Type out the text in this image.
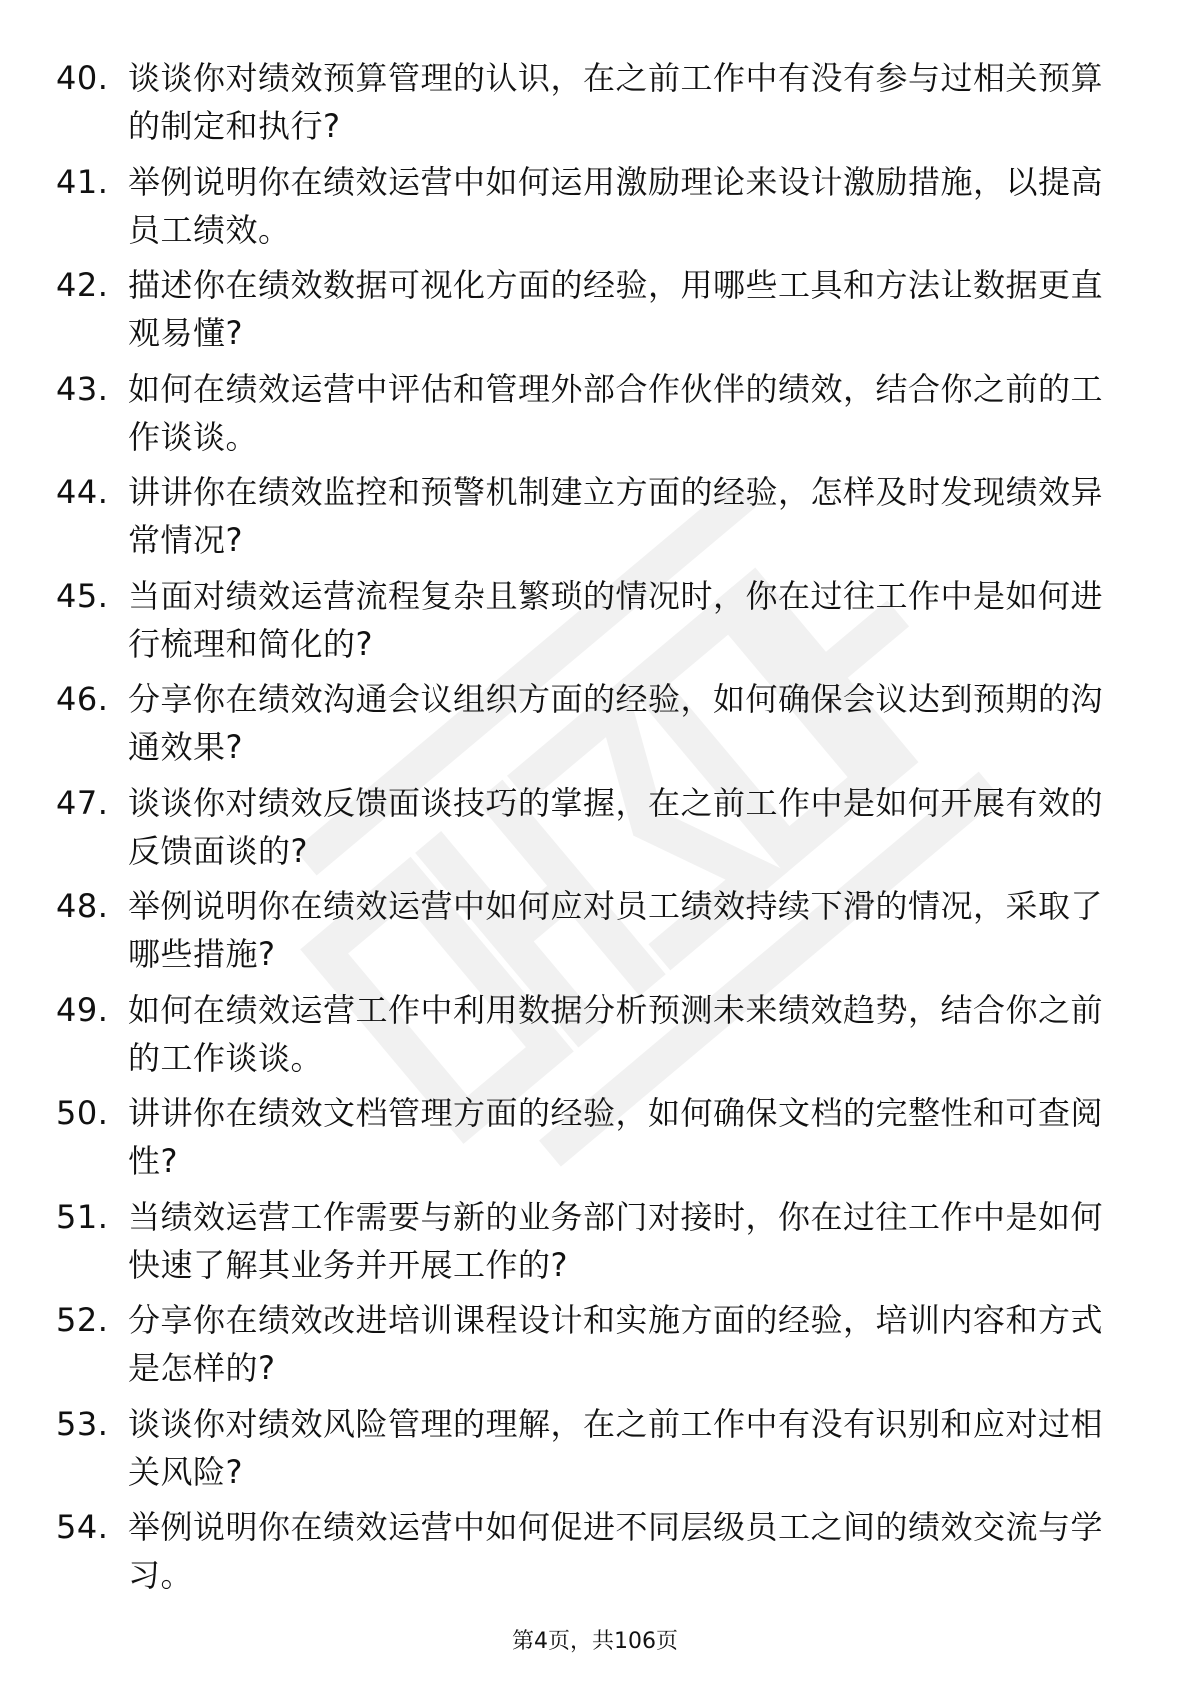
40. 谈谈你对绩效预算管理的认识，在之前工作中有没有参与过相关预算的制定和执行?
41. 举例说明你在绩效运营中如何运用激励理论来设计激励措施，以提高员工绩效。
42. 描述你在绩效数据可视化方面的经验，用哪些工具和方法让数据更直观易懂?
43. 如何在绩效运营中评估和管理外部合作伙伴的绩效，结合你之前的工作谈谈。
44. 讲讲你在绩效监控和预警机制建立方面的经验，怎样及时发现绩效异常情况?
45. 当面对绩效运营流程复杂且繁琐的情况时，你在过往工作中是如何进行梳理和简化的?
46. 分享你在绩效沟通会议组织方面的经验，如何确保会议达到预期的沟通效果?
47. 谈谈你对绩效反馈面谈技巧的掌握，在之前工作中是如何开展有效的反馈面谈的?
48. 举例说明你在绩效运营中如何应对员工绩效持续下滑的情况，采取了哪些措施?
49. 如何在绩效运营工作中利用数据分析预测未来绩效趋势，结合你之前的工作谈谈。
50. 讲讲你在绩效文档管理方面的经验，如何确保文档的完整性和可查阅性?
51. 当绩效运营工作需要与新的业务部门对接时，你在过往工作中是如何快速了解其业务并开展工作的?
52. 分享你在绩效改进培训课程设计和实施方面的经验，培训内容和方式是怎样的?
53. 谈谈你对绩效风险管理的理解，在之前工作中有没有识别和应对过相关风险?
54. 举例说明你在绩效运营中如何促进不同层级员工之间的绩效交流与学习。
第4页，共106页
